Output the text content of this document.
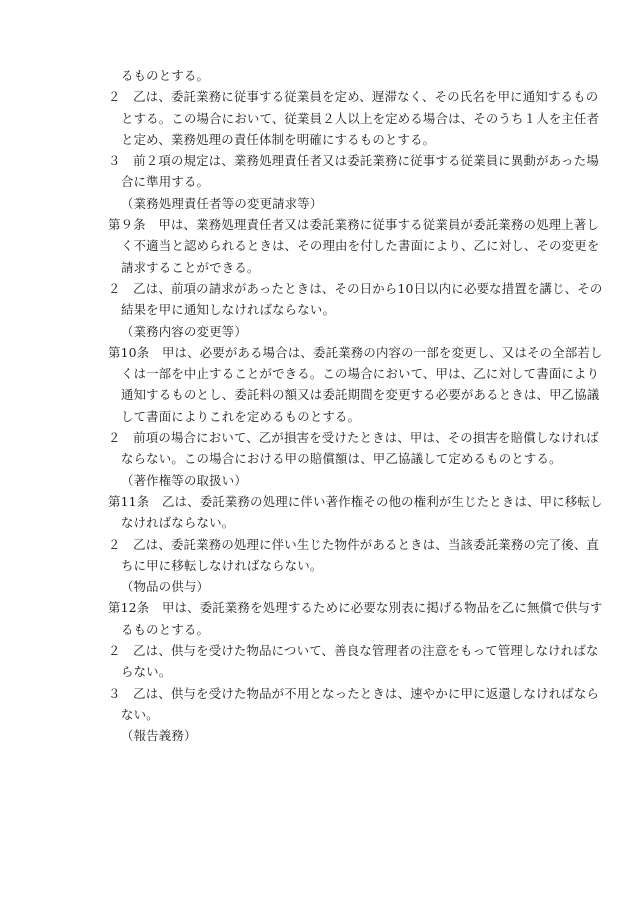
るものとする。
２　乙は、委託業務に従事する従業員を定め、遅滞なく、その氏名を甲に通知するもの
とする。この場合において、従業員２人以上を定める場合は、そのうち１人を主任者
と定め、業務処理の責任体制を明確にするものとする。
３　前２項の規定は、業務処理責任者又は委託業務に従事する従業員に異動があった場
合に準用する。
（業務処理責任者等の変更請求等）
第９条　甲は、業務処理責任者又は委託業務に従事する従業員が委託業務の処理上著し
く不適当と認められるときは、その理由を付した書面により、乙に対し、その変更を
請求することができる。
２　乙は、前項の請求があったときは、その日から10日以内に必要な措置を講じ、その
結果を甲に通知しなければならない。
（業務内容の変更等）
第10条　甲は、必要がある場合は、委託業務の内容の一部を変更し、又はその全部若し
くは一部を中止することができる。この場合において、甲は、乙に対して書面により
通知するものとし、委託料の額又は委託期間を変更する必要があるときは、甲乙協議
して書面によりこれを定めるものとする。
２　前項の場合において、乙が損害を受けたときは、甲は、その損害を賠償しなければ
ならない。この場合における甲の賠償額は、甲乙協議して定めるものとする。
（著作権等の取扱い）
第11条　乙は、委託業務の処理に伴い著作権その他の権利が生じたときは、甲に移転し
なければならない。
２　乙は、委託業務の処理に伴い生じた物件があるときは、当該委託業務の完了後、直
ちに甲に移転しなければならない。
（物品の供与）
第12条　甲は、委託業務を処理するために必要な別表に掲げる物品を乙に無償で供与す
るものとする。
２　乙は、供与を受けた物品について、善良な管理者の注意をもって管理しなければな
らない。
３　乙は、供与を受けた物品が不用となったときは、速やかに甲に返還しなければなら
ない。
（報告義務）
